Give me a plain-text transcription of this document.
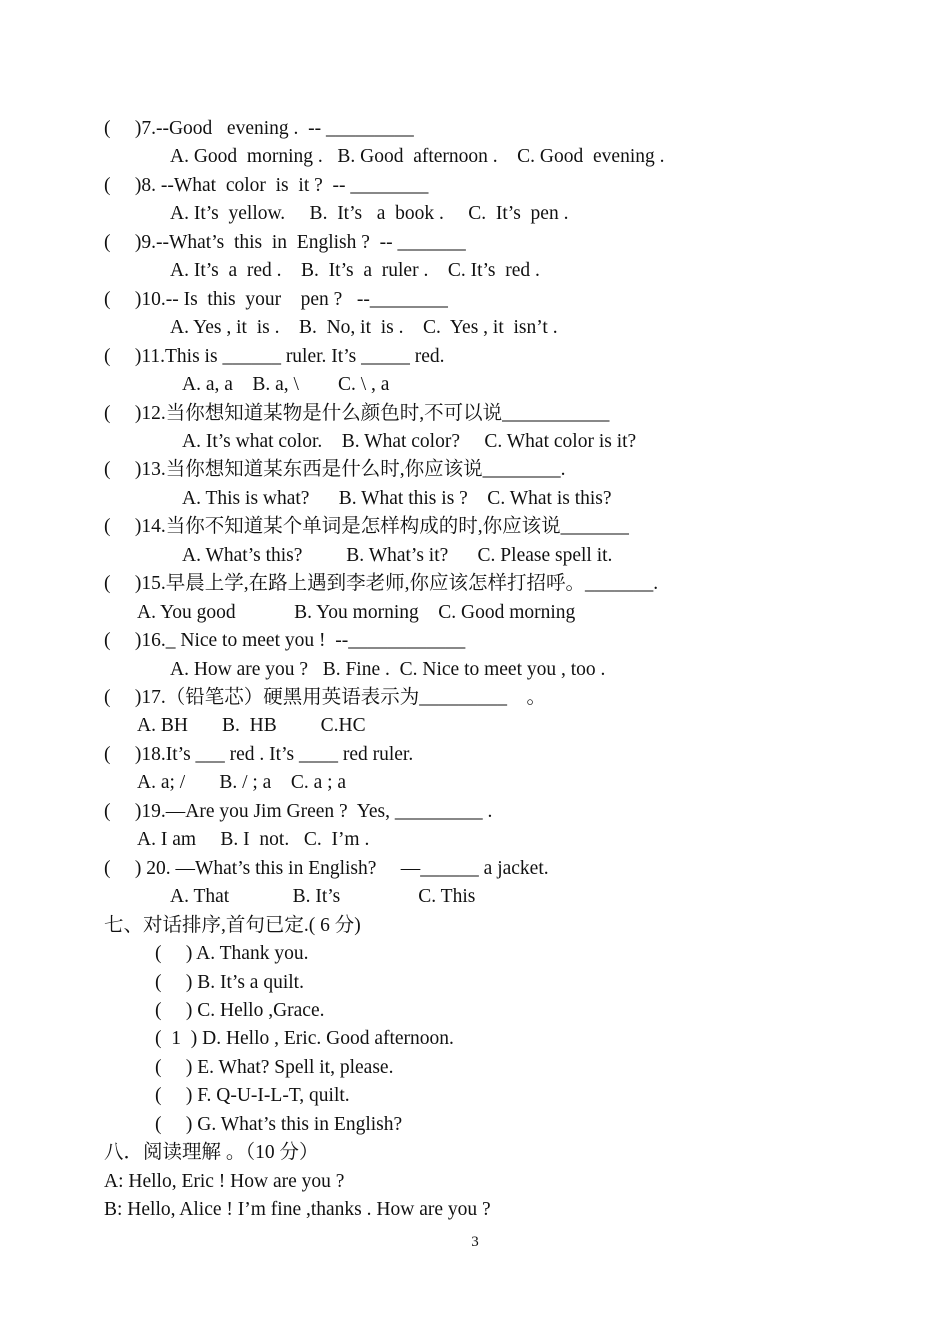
(     )7.--Good   evening .  -- _________
A. Good  morning .   B. Good  afternoon .    C. Good  evening .
(     )8. --What  color  is  it ?  -- ________
A. It’s  yellow.     B.  It’s   a  book .     C.  It’s  pen .
(     )9.--What’s  this  in  English ?  -- _______
A. It’s  a  red .    B.  It’s  a  ruler .    C. It’s  red .
(     )10.-- Is  this  your    pen ?   --________
A. Yes , it  is .    B.  No, it  is .    C.  Yes , it  isn’t .
(     )11.This is ______ ruler. It’s _____ red.
A. a, a    B. a, \        C. \ , a
(     )12.当你想知道某物是什么颜色时,不可以说___________
A. It’s what color.    B. What color?     C. What color is it?
(     )13.当你想知道某东西是什么时,你应该说________.
A. This is what?      B. What this is ?    C. What is this?
(     )14.当你不知道某个单词是怎样构成的时,你应该说_______
A. What’s this?         B. What’s it?      C. Please spell it.
(     )15.早晨上学,在路上遇到李老师,你应该怎样打招呼。_______.
A. You good            B. You morning    C. Good morning
(     )16._ Nice to meet you !  --____________
A. How are you ?   B. Fine .  C. Nice to meet you , too .
(     )17.（铅笔芯）硬黑用英语表示为_________    。
A. BH       B.  HB         C.HC
(     )18.It’s ___ red . It’s ____ red ruler.
A. a; /       B. / ; a    C. a ; a
(     )19.—Are you Jim Green ?  Yes, _________ .
A. I am     B. I  not.   C.  I’m .
(     ) 20. —What’s this in English?     —______ a jacket.
A. That             B. It’s                C. This
七、对话排序,首句已定.( 6 分)
(     ) A. Thank you.
(     ) B. It’s a quilt.
(     ) C. Hello ,Grace.
(  1  ) D. Hello , Eric. Good afternoon.
(     ) E. What? Spell it, please.
(     ) F. Q-U-I-L-T, quilt.
(     ) G. What’s this in English?
八．阅读理解 。（10 分）
A: Hello, Eric ! How are you ?
B: Hello, Alice ! I’m fine ,thanks . How are you ?
3
